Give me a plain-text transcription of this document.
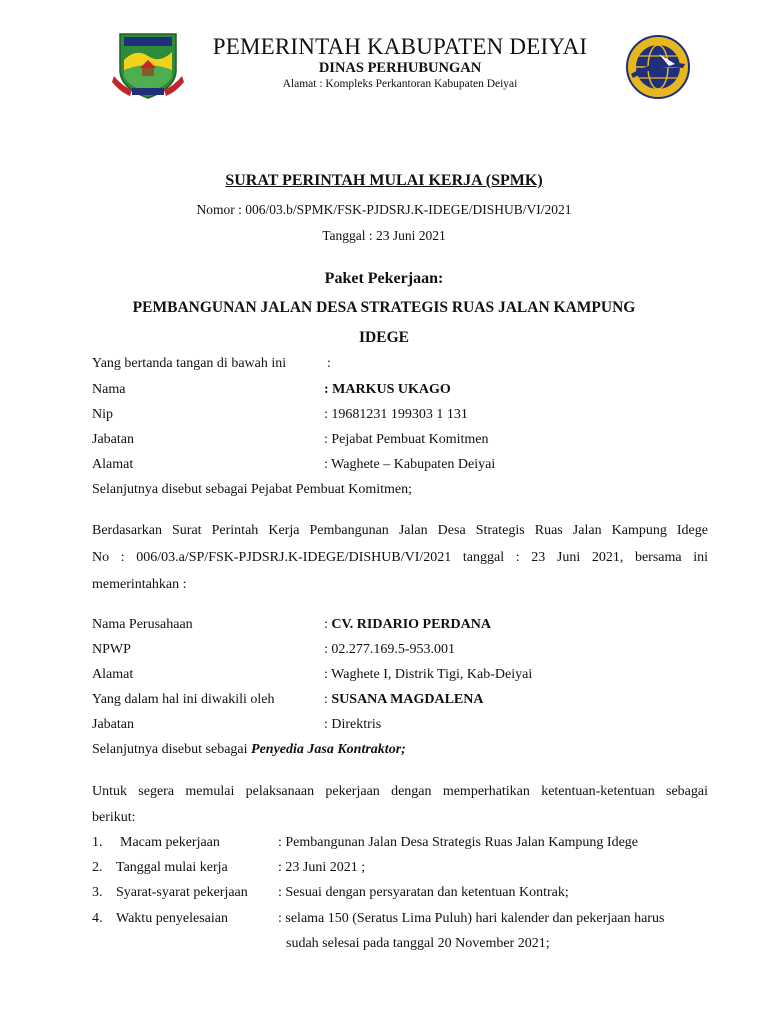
PEMERINTAH KABUPATEN DEIYAI
DINAS PERHUBUNGAN
Alamat : Kompleks Perkantoran Kabupaten Deiyai
SURAT PERINTAH MULAI KERJA (SPMK)
Nomor : 006/03.b/SPMK/FSK-PJDSRJ.K-IDEGE/DISHUB/VI/2021
Tanggal : 23 Juni 2021
Paket Pekerjaan:
PEMBANGUNAN JALAN DESA STRATEGIS RUAS JALAN KAMPUNG
IDEGE
Yang bertanda tangan di bawah ini	:
Nama	: MARKUS UKAGO
Nip	: 19681231 199303 1 131
Jabatan	: Pejabat Pembuat Komitmen
Alamat	: Waghete – Kabupaten Deiyai
Selanjutnya disebut sebagai Pejabat Pembuat Komitmen;
Berdasarkan Surat Perintah Kerja Pembangunan Jalan Desa Strategis Ruas Jalan Kampung Idege
No : 006/03.a/SP/FSK-PJDSRJ.K-IDEGE/DISHUB/VI/2021 tanggal : 23 Juni 2021, bersama ini
memerintahkan :
Nama Perusahaan	: CV. RIDARIO PERDANA
NPWP	: 02.277.169.5-953.001
Alamat	: Waghete I, Distrik Tigi, Kab-Deiyai
Yang dalam hal ini diwakili oleh	: SUSANA MAGDALENA
Jabatan	: Direktris
Selanjutnya disebut sebagai Penyedia Jasa Kontraktor;
Untuk segera memulai pelaksanaan pekerjaan dengan memperhatikan ketentuan-ketentuan sebagai
berikut:
1. Macam pekerjaan	: Pembangunan Jalan Desa Strategis Ruas Jalan Kampung Idege
2. Tanggal mulai kerja	: 23 Juni 2021 ;
3. Syarat-syarat pekerjaan : Sesuai dengan persyaratan dan ketentuan Kontrak;
4. Waktu penyelesaian	: selama 150 (Seratus Lima Puluh) hari kalender dan pekerjaan harus
sudah selesai pada tanggal 20 November 2021;
